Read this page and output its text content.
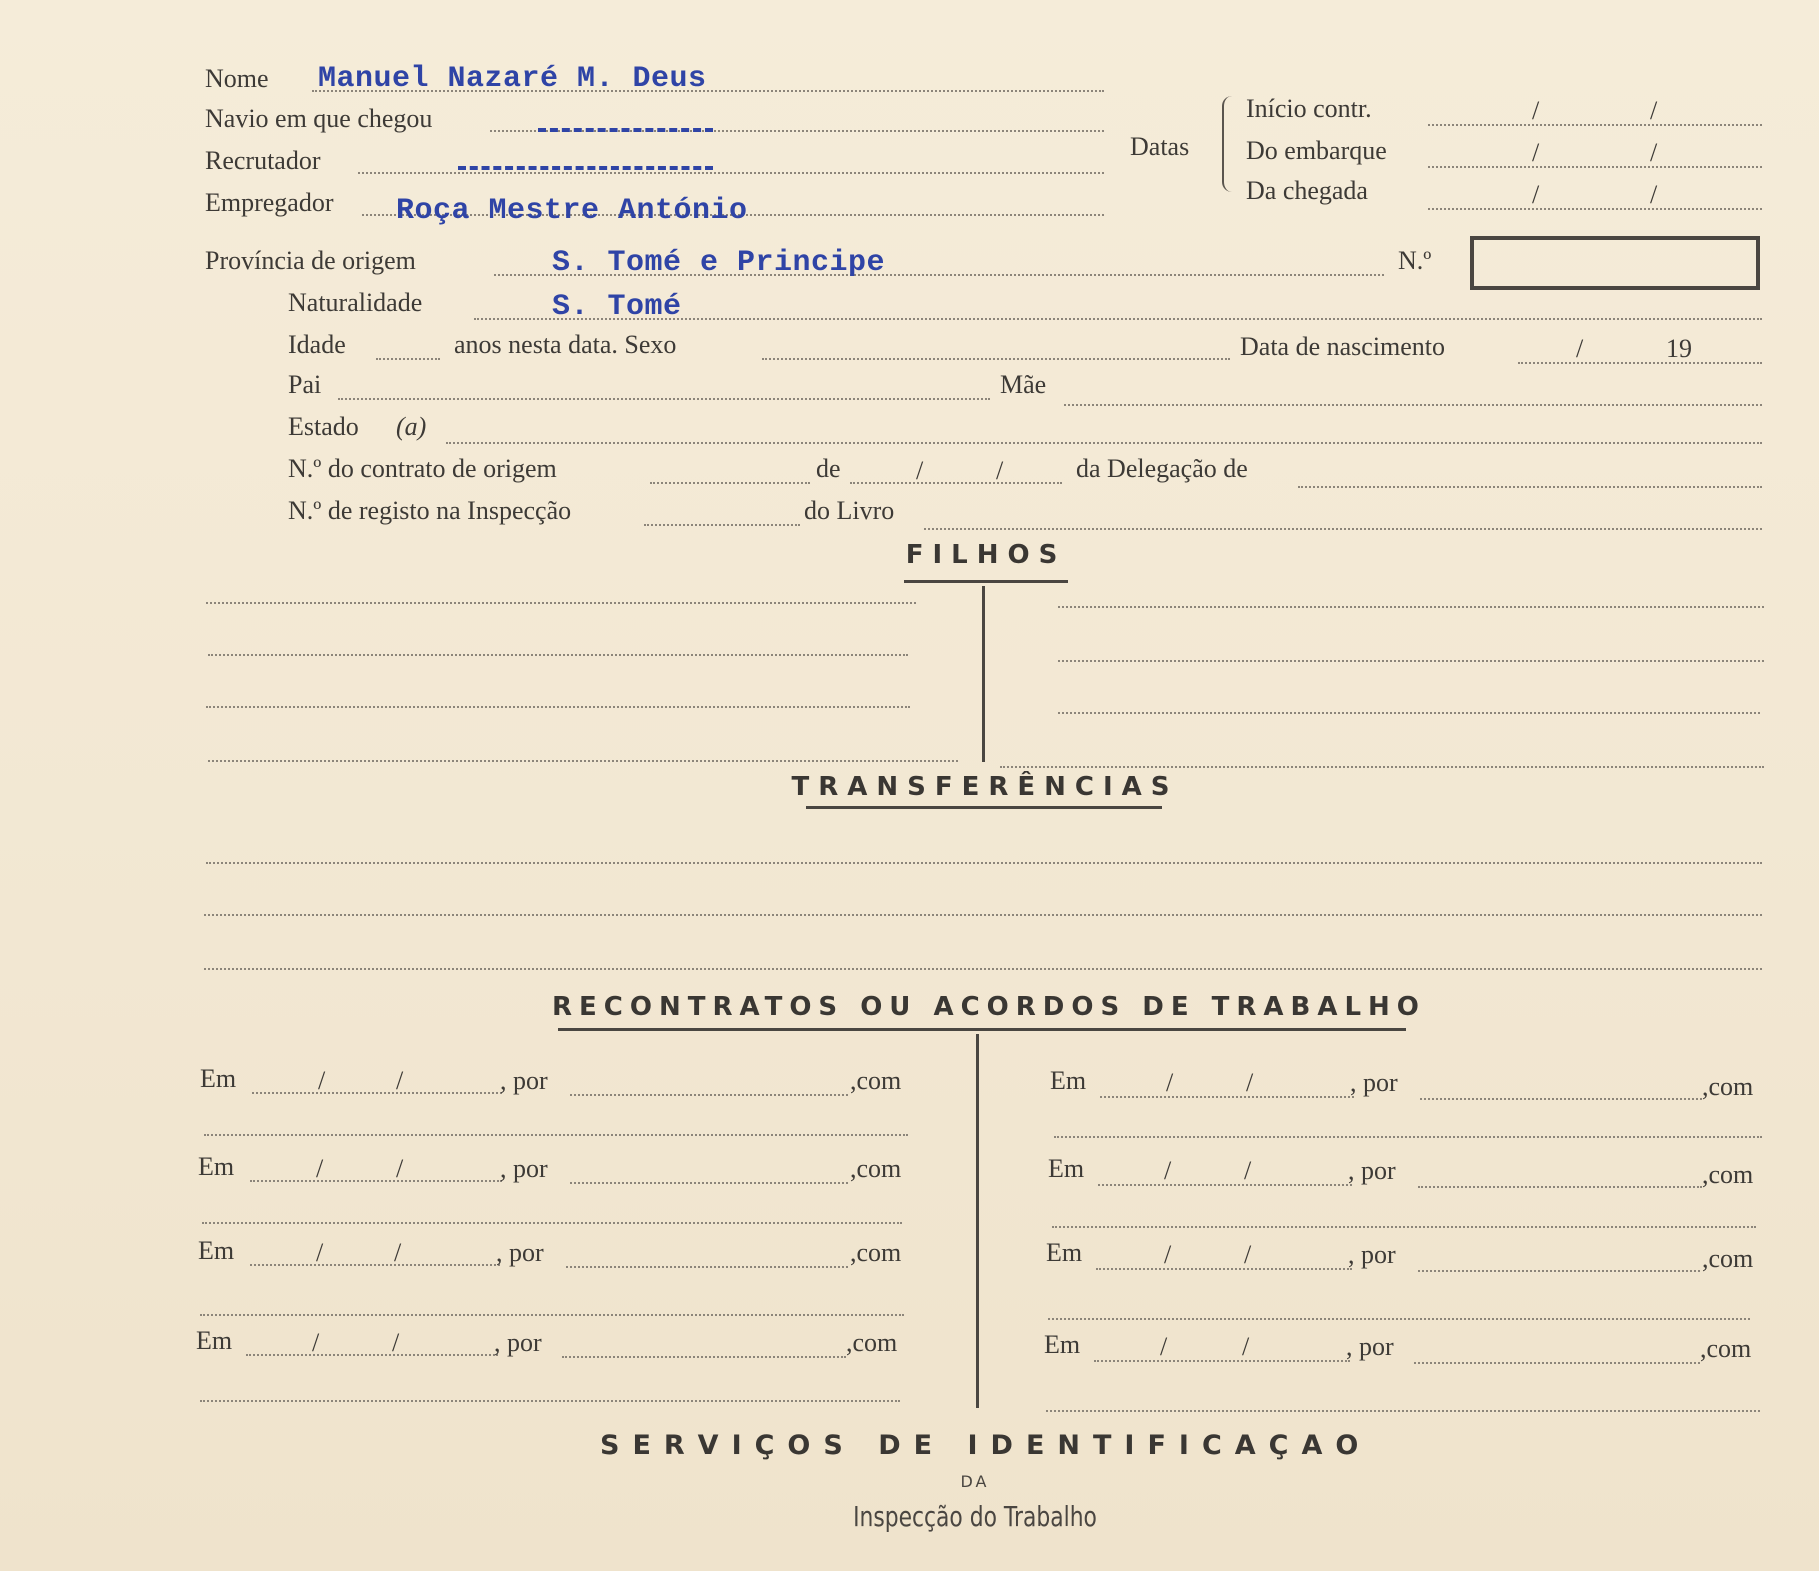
Nome Manuel Nazaré M. Deus
Navio em que chegou
Recrutador
Empregador Roça Mestre António
Datas
Início contr.	/	/
Do embarque	/	/
Da chegada	/	/
Província de origem	S. Tomé e Principe	N.º
Naturalidade	S. Tomé
Idade	anos nesta data. Sexo	Data de nascimento	/	19
Pai	Mãe
Estado (a)
N.º do contrato de origem	de	/	/	da Delegação de
N.º de registo na Inspecção	do Livro
FILHOS
TRANSFERÊNCIAS
RECONTRATOS OU ACORDOS DE TRABALHO
Em	/	/	, por	,com
Em	/	/	, por	,com
Em	/	/	, por	,com
Em	/	/	, por	,com
Em	/	/	, por	,com
Em	/	/	, por	,com
Em	/	/	, por	,com
Em	/	/	, por	,com
SERVIÇOS DE IDENTIFICAÇAO
DA
Inspecção do Trabalho
